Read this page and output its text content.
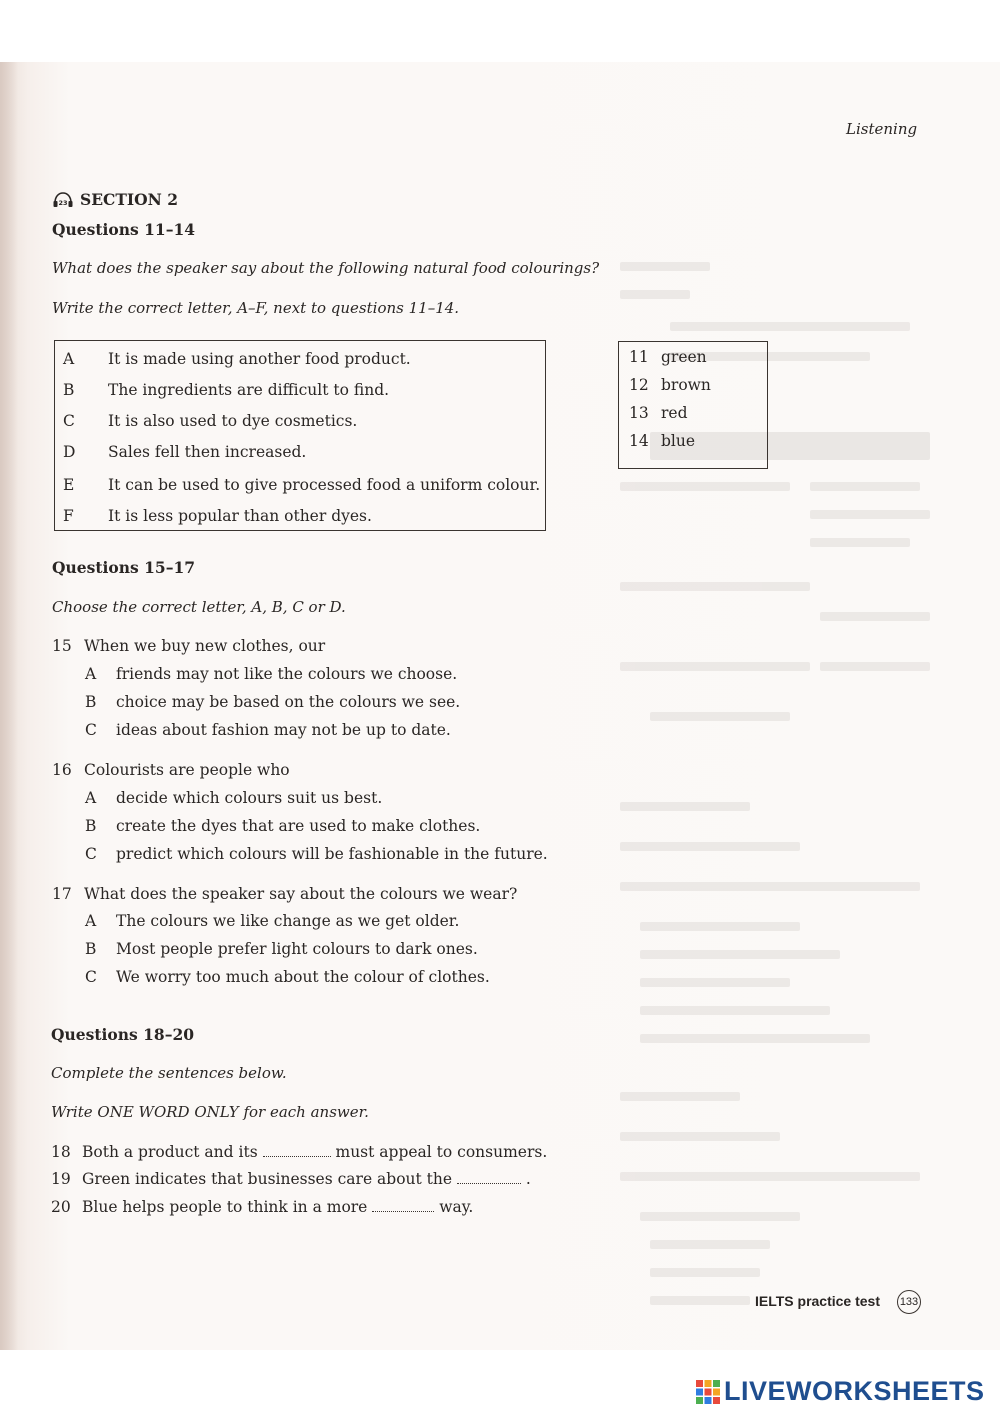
Listening
23 SECTION 2
Questions 11–14
What does the speaker say about the following natural food colourings?
Write the correct letter, A–F, next to questions 11–14.
A It is made using another food product.
B The ingredients are difficult to find.
C It is also used to dye cosmetics.
D Sales fell then increased.
E It can be used to give processed food a uniform colour.
F It is less popular than other dyes.
11 green
12 brown
13 red
14 blue
Questions 15–17
Choose the correct letter, A, B, C or D.
15 When we buy new clothes, our
A friends may not like the colours we choose.
B choice may be based on the colours we see.
C ideas about fashion may not be up to date.
16 Colourists are people who
A decide which colours suit us best.
B create the dyes that are used to make clothes.
C predict which colours will be fashionable in the future.
17 What does the speaker say about the colours we wear?
A The colours we like change as we get older.
B Most people prefer light colours to dark ones.
C We worry too much about the colour of clothes.
Questions 18–20
Complete the sentences below.
Write ONE WORD ONLY for each answer.
18 Both a product and its	must appeal to consumers.
19 Green indicates that businesses care about the	.
20 Blue helps people to think in a more	way.
IELTS practice test 133
LIVEWORKSHEETS
